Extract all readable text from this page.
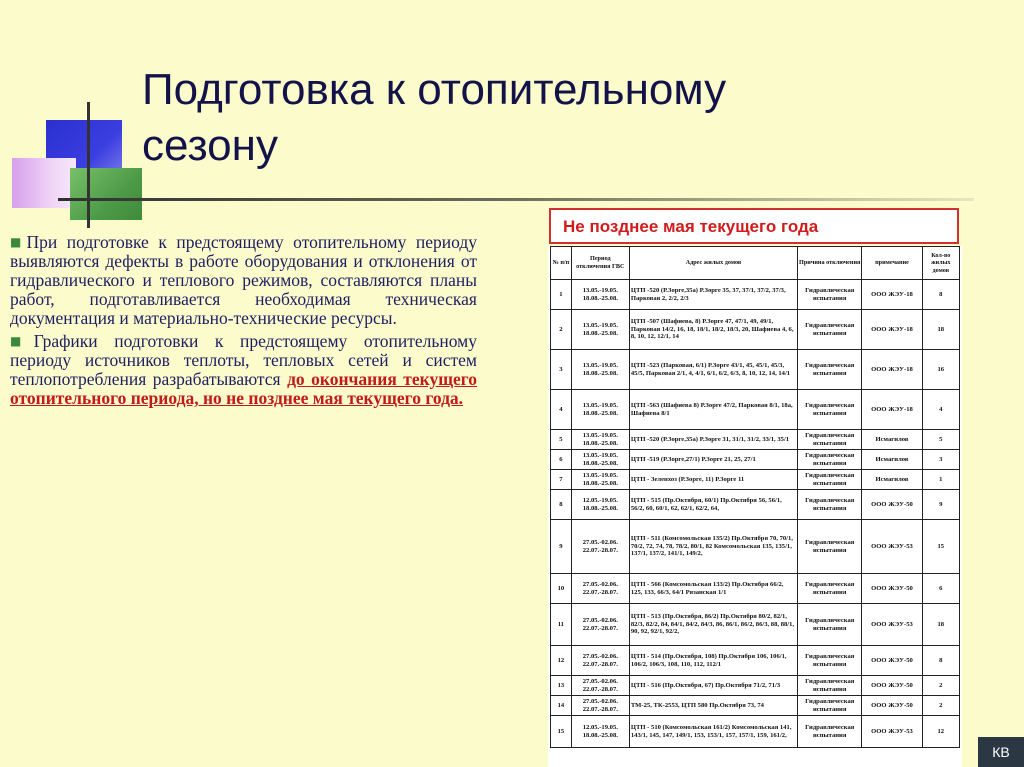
Подготовка к отопительному сезону

■При подготовке к предстоящему отопительному периоду выявляются дефекты в работе оборудования и отклонения от гидравлического и теплового режимов, составляются планы работ, подготавливается необходимая техническая документация и материально-технические ресурсы.

■Графики подготовки к предстоящему отопительному периоду источников теплоты, тепловых сетей и систем теплопотребления разрабатываются до окончания текущего отопительного периода, но не позднее мая текущего года.

Не позднее мая текущего года
№ п/п	Период отключения ГВС	Адрес жилых домов	Причина отключения	примечание	Кол-во жилых домов
1	13.05.-19.05. 18.08.-25.08.	ЦТП -520 (Р.Зорге,35а) Р.Зорге 35, 37, 37/1, 37/2, 37/3, Парковая 2, 2/2, 2/3	Гидравлическая испытания	ООО ЖЭУ-18	8
2	13.05.-19.05. 18.08.-25.08.	ЦТП -507 (Шафиева, 8) Р.Зорге 47, 47/1, 49, 49/1, Парковая 14/2, 16, 18, 18/1, 18/2, 18/3, 20, Шафиева 4, 6, 8, 10, 12, 12/1, 14	Гидравлическая испытания	ООО ЖЭУ-18	18
3	13.05.-19.05. 18.08.-25.08.	ЦТП -523 (Парковая, 6/1) Р.Зорге 43/1, 45, 45/1, 45/3, 45/5, Парковая 2/1, 4, 4/1, 6/1, 6/2, 6/3, 8, 10, 12, 14, 14/1	Гидравлическая испытания	ООО ЖЭУ-18	16
4	13.05.-19.05. 18.08.-25.08.	ЦТП -563 (Шафиева 8) Р.Зорге 47/2, Парковая 8/1, 18а, Шафиева 8/1	Гидравлическая испытания	ООО ЖЭУ-18	4
5	13.05.-19.05. 18.08.-25.08.	ЦТП -520 (Р.Зорге,35а) Р.Зорге 31, 31/1, 31/2, 33/1, 35/1	Гидравлическая испытания	Исмагилов	5
6	13.05.-19.05. 18.08.-25.08.	ЦТП -519 (Р.Зорге,27/1) Р.Зорге 21, 25, 27/1	Гидравлическая испытания	Исмагилов	3
7	13.05.-19.05. 18.08.-25.08.	ЦТП - Зеленхоз (Р.Зорге, 11) Р.Зорге 11	Гидравлическая испытания	Исмагилов	1
8	12.05.-19.05. 18.08.-25.08.	ЦТП - 515 (Пр.Октября, 60/1) Пр.Октября 56, 56/1, 56/2, 60, 60/1, 62, 62/1, 62/2, 64,	Гидравлическая испытания	ООО ЖЭУ-50	9
9	27.05.-02.06. 22.07.-28.07.	ЦТП - 511 (Комсомольская 135/2) Пр.Октября 70, 70/1, 70/2, 72, 74, 78, 78/2, 80/1, 82 Комсомольская 135, 135/1, 137/1, 137/2, 141/1, 149/2,	Гидравлическая испытания	ООО ЖЭУ-53	15
10	27.05.-02.06. 22.07.-28.07.	ЦТП - 566 (Комсомольская 133/2) Пр.Октября 66/2, 125, 133, 66/3, 64/1 Рязанская 1/1	Гидравлическая испытания	ООО ЖЭУ-50	6
11	27.05.-02.06. 22.07.-28.07.	ЦТП - 513 (Пр.Октября, 86/2) Пр.Октября 80/2, 82/1, 82/3, 82/2, 84, 84/1, 84/2, 84/3, 86, 86/1, 86/2, 86/3, 88, 88/1, 90, 92, 92/1, 92/2,	Гидравлическая испытания	ООО ЖЭУ-53	18
12	27.05.-02.06. 22.07.-28.07.	ЦТП - 514 (Пр.Октября, 108) Пр.Октября 106, 106/1, 106/2, 106/3, 108, 110, 112, 112/1	Гидравлическая испытания	ООО ЖЭУ-50	8
13	27.05.-02.06. 22.07.-28.07.	ЦТП - 516 (Пр.Октября, 67) Пр.Октября 71/2, 71/3	Гидравлическая испытания	ООО ЖЭУ-50	2
14	27.05.-02.06. 22.07.-28.07.	ТМ-25, ТК-2553, ЦТП 580 Пр.Октября 73, 74	Гидравлическая испытания	ООО ЖЭУ-50	2
15	12.05.-19.05. 18.08.-25.08.	ЦТП - 510 (Комсомольская 161/2) Комсомольская 141, 143/1, 145, 147, 149/1, 153, 153/1, 157, 157/1, 159, 161/2,	Гидравлическая испытания	ООО ЖЭУ-53	12
КВ
